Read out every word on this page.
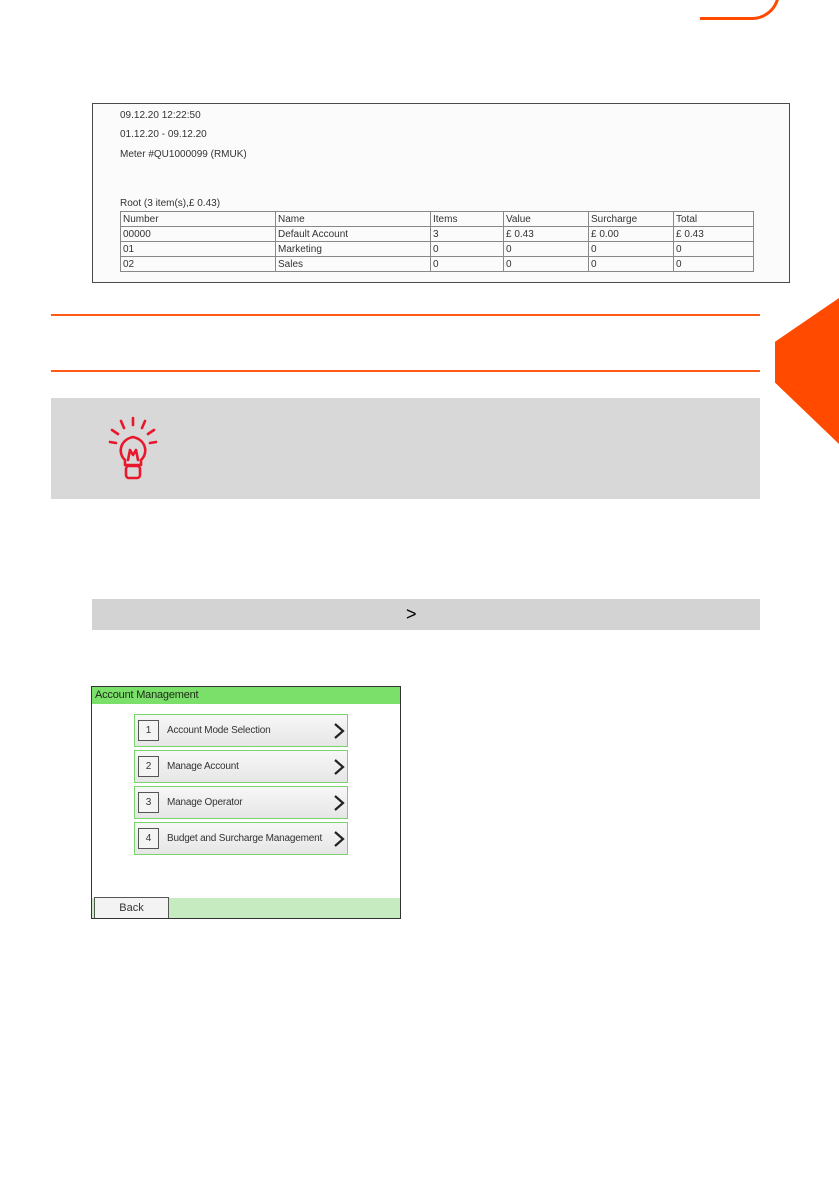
09.12.20 12:22:50
01.12.20 - 09.12.20
Meter #QU1000099 (RMUK)
Root (3 item(s),£ 0.43)
Number	Name	Items	Value	Surcharge	Total
00000	Default Account	3	£ 0.43	£ 0.00	£ 0.43
01	Marketing	0	0	0	0
02	Sales	0	0	0	0
>
Account Management
1	Account Mode Selection
2	Manage Account
3	Manage Operator
4	Budget and Surcharge Management
Back
